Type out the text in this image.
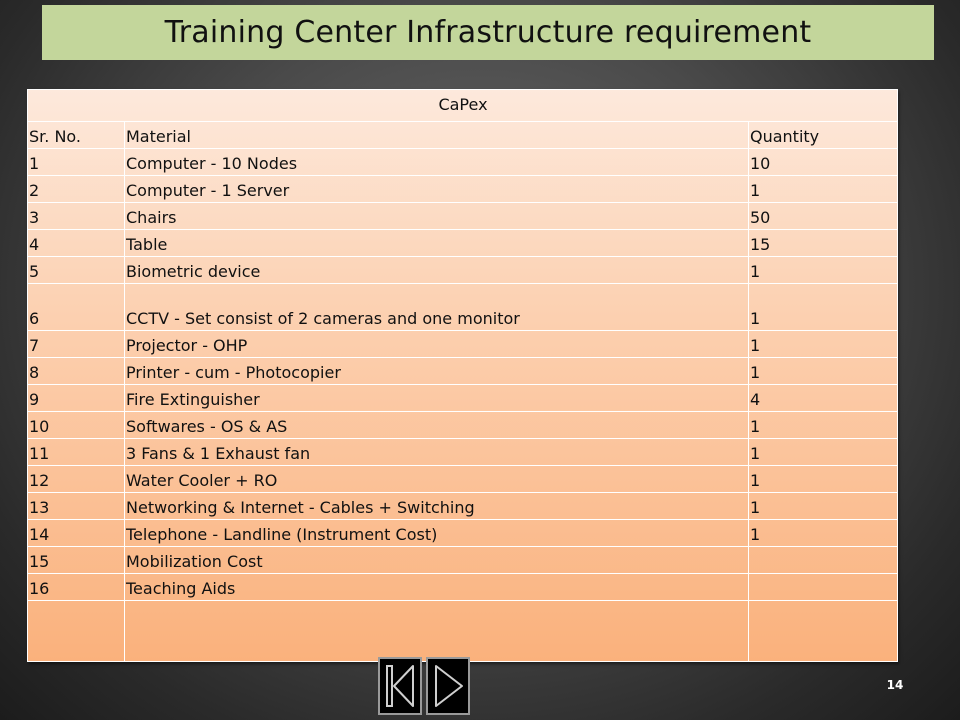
Training Center Infrastructure requirement
CaPex		
Sr. No.	Material	Quantity
1	Computer - 10 Nodes	10
2	Computer - 1 Server	1
3	Chairs	50
4	Table	15
5	Biometric device	1
6	CCTV - Set consist of 2 cameras and one monitor	1
7	Projector - OHP	1
8	Printer - cum - Photocopier	1
9	Fire Extinguisher	4
10	Softwares - OS & AS	1
11	3 Fans & 1 Exhaust fan	1
12	Water Cooler + RO	1
13	Networking & Internet - Cables + Switching	1
14	Telephone - Landline (Instrument Cost)	1
15	Mobilization Cost	
16	Teaching Aids	

14
